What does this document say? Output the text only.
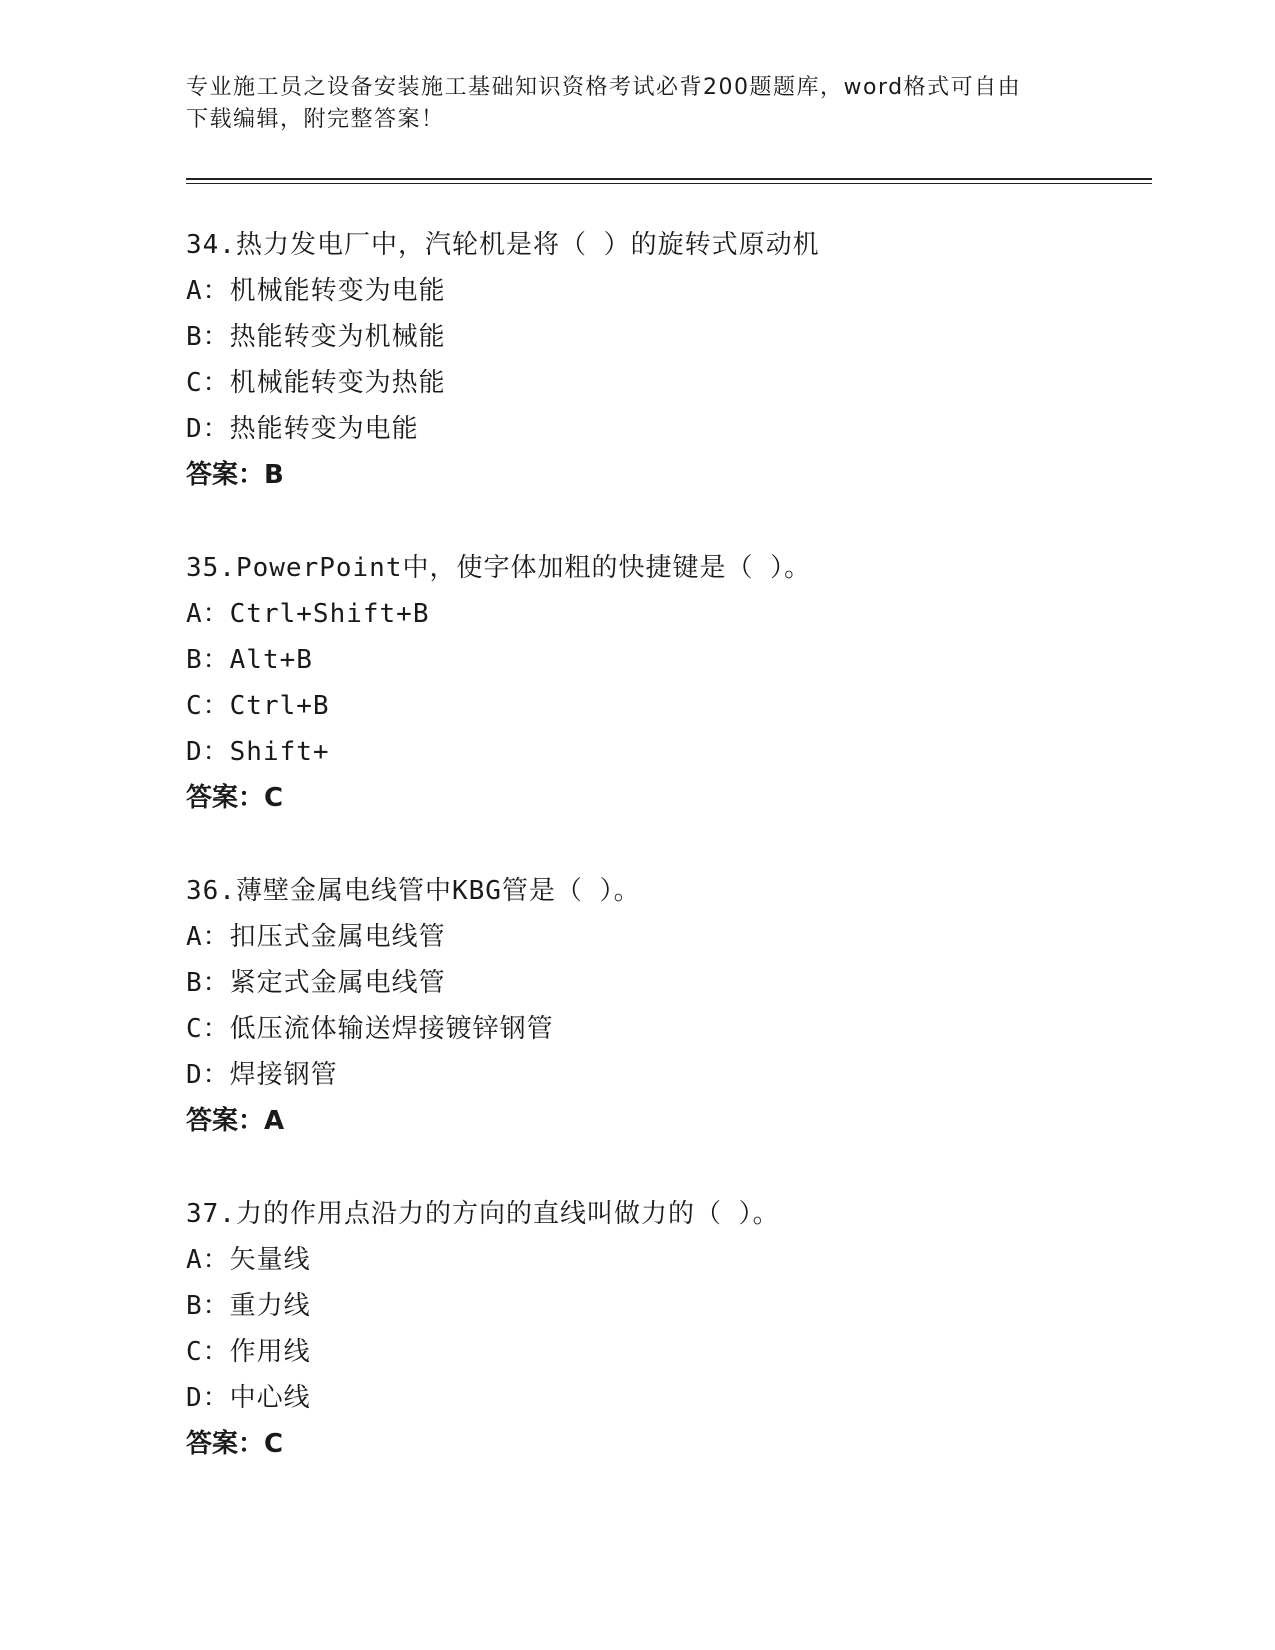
专业施工员之设备安装施工基础知识资格考试必背200题题库，word格式可自由
下载编辑，附完整答案！
34.热力发电厂中，汽轮机是将（ ）的旋转式原动机
A：机械能转变为电能
B：热能转变为机械能
C：机械能转变为热能
D：热能转变为电能
答案：B
35.PowerPoint中，使字体加粗的快捷键是（ ）。
A：Ctrl+Shift+B
B：Alt+B
C：Ctrl+B
D：Shift+
答案：C
36.薄壁金属电线管中KBG管是（ ）。
A：扣压式金属电线管
B：紧定式金属电线管
C：低压流体输送焊接镀锌钢管
D：焊接钢管
答案：A
37.力的作用点沿力的方向的直线叫做力的（ ）。
A：矢量线
B：重力线
C：作用线
D：中心线
答案：C
